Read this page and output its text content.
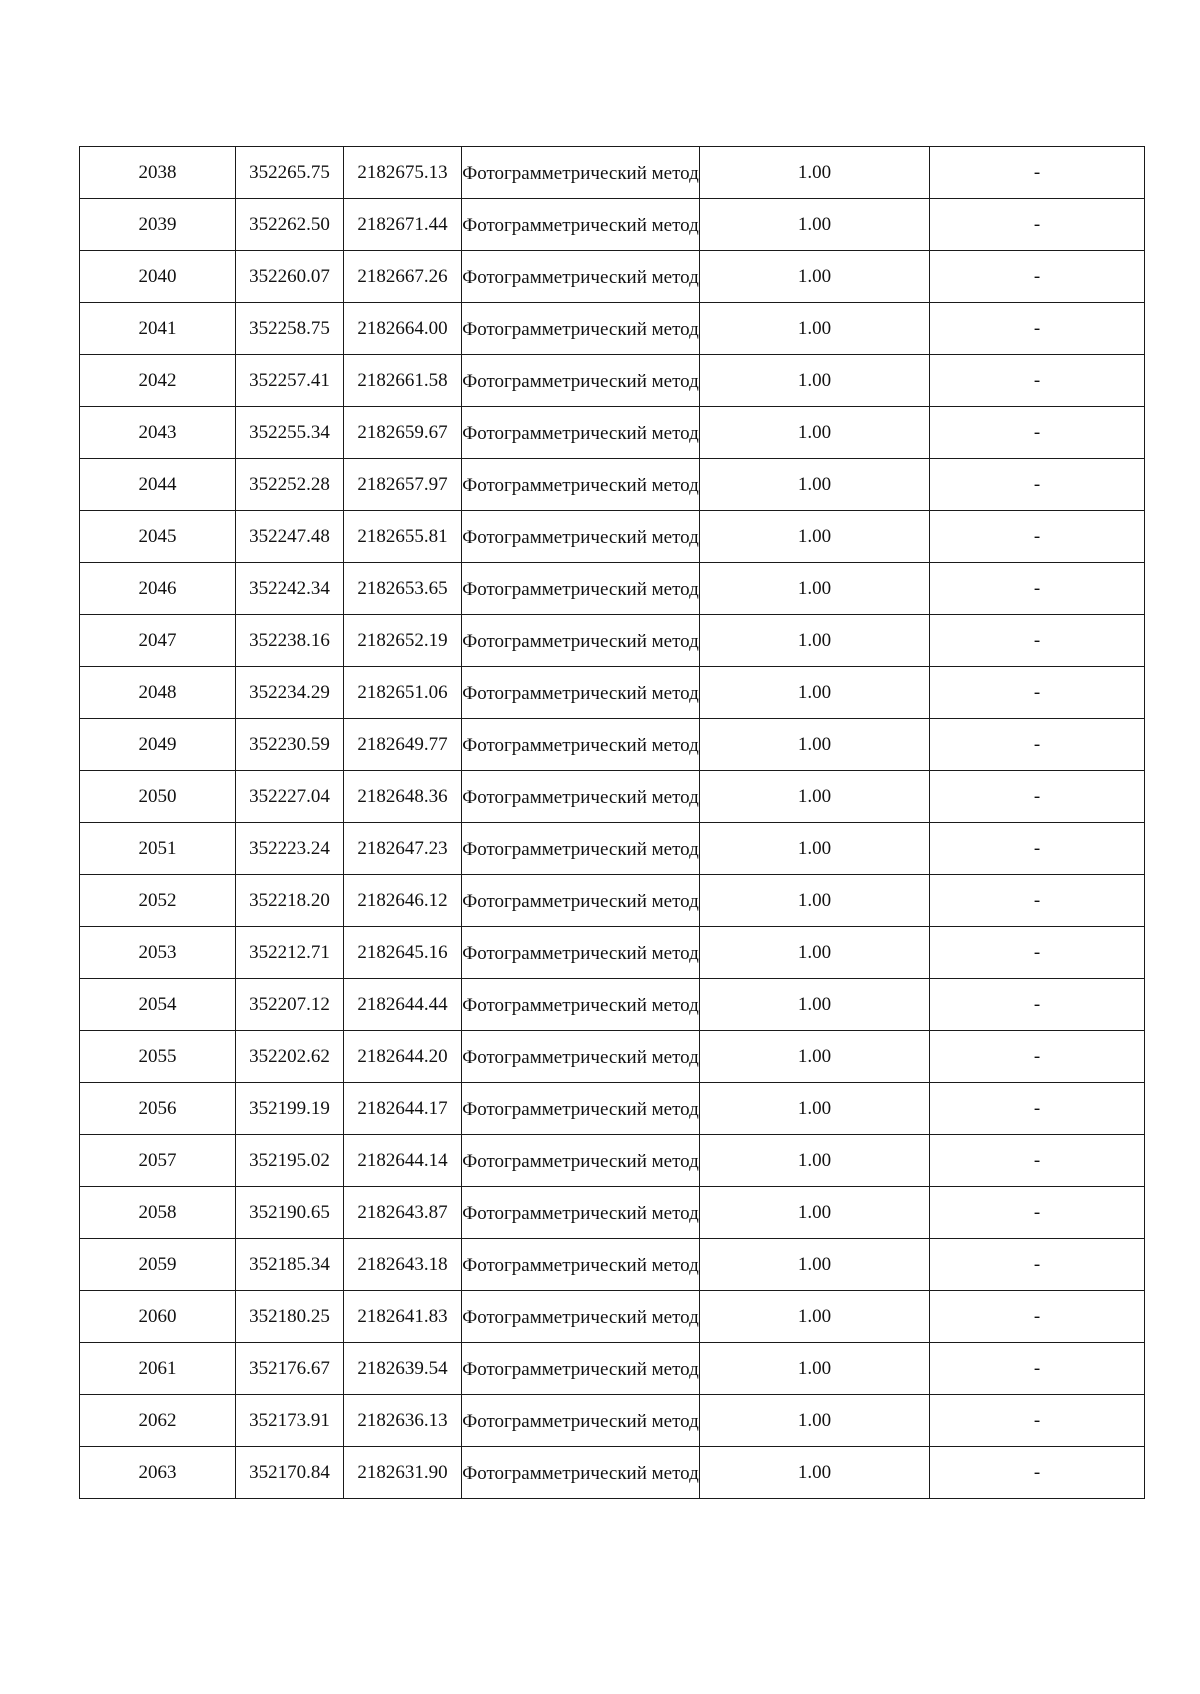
2038	352265.75	2182675.13	Фотограмметрический метод	1.00	-
2039	352262.50	2182671.44	Фотограмметрический метод	1.00	-
2040	352260.07	2182667.26	Фотограмметрический метод	1.00	-
2041	352258.75	2182664.00	Фотограмметрический метод	1.00	-
2042	352257.41	2182661.58	Фотограмметрический метод	1.00	-
2043	352255.34	2182659.67	Фотограмметрический метод	1.00	-
2044	352252.28	2182657.97	Фотограмметрический метод	1.00	-
2045	352247.48	2182655.81	Фотограмметрический метод	1.00	-
2046	352242.34	2182653.65	Фотограмметрический метод	1.00	-
2047	352238.16	2182652.19	Фотограмметрический метод	1.00	-
2048	352234.29	2182651.06	Фотограмметрический метод	1.00	-
2049	352230.59	2182649.77	Фотограмметрический метод	1.00	-
2050	352227.04	2182648.36	Фотограмметрический метод	1.00	-
2051	352223.24	2182647.23	Фотограмметрический метод	1.00	-
2052	352218.20	2182646.12	Фотограмметрический метод	1.00	-
2053	352212.71	2182645.16	Фотограмметрический метод	1.00	-
2054	352207.12	2182644.44	Фотограмметрический метод	1.00	-
2055	352202.62	2182644.20	Фотограмметрический метод	1.00	-
2056	352199.19	2182644.17	Фотограмметрический метод	1.00	-
2057	352195.02	2182644.14	Фотограмметрический метод	1.00	-
2058	352190.65	2182643.87	Фотограмметрический метод	1.00	-
2059	352185.34	2182643.18	Фотограмметрический метод	1.00	-
2060	352180.25	2182641.83	Фотограмметрический метод	1.00	-
2061	352176.67	2182639.54	Фотограмметрический метод	1.00	-
2062	352173.91	2182636.13	Фотограмметрический метод	1.00	-
2063	352170.84	2182631.90	Фотограмметрический метод	1.00	-
